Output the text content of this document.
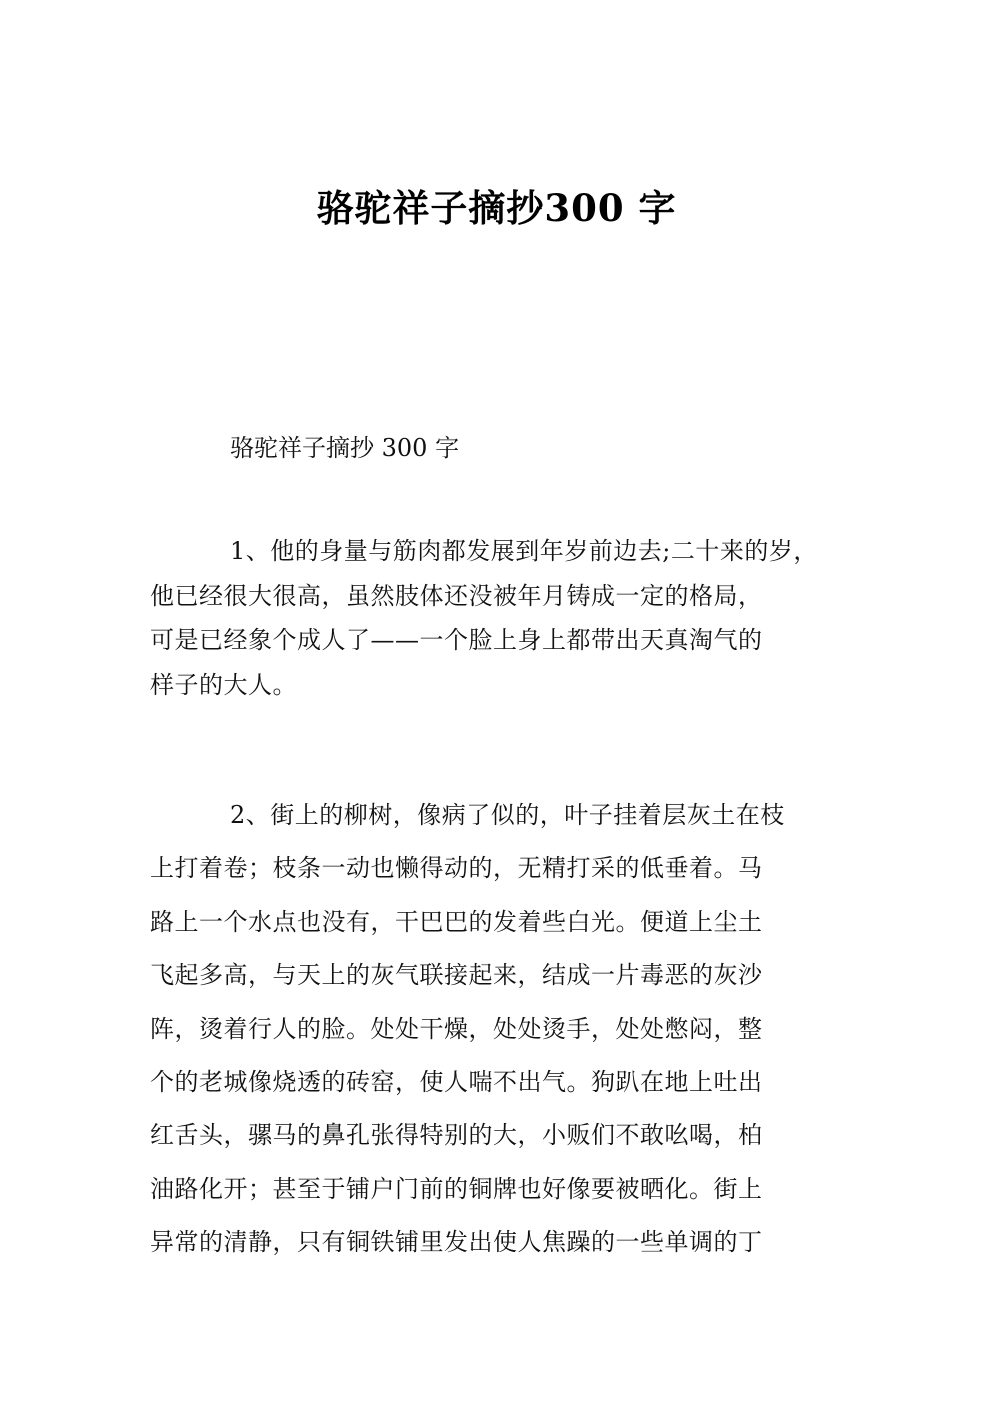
骆驼祥子摘抄300 字

骆驼祥子摘抄 300 字

1、他的身量与筋肉都发展到年岁前边去;二十来的岁，
他已经很大很高，虽然肢体还没被年月铸成一定的格局，
可是已经象个成人了——一个脸上身上都带出天真淘气的
样子的大人。
2、街上的柳树，像病了似的，叶子挂着层灰土在枝
上打着卷；枝条一动也懒得动的，无精打采的低垂着。马
路上一个水点也没有，干巴巴的发着些白光。便道上尘土
飞起多高，与天上的灰气联接起来，结成一片毒恶的灰沙
阵，烫着行人的脸。处处干燥，处处烫手，处处憋闷，整
个的老城像烧透的砖窑，使人喘不出气。狗趴在地上吐出
红舌头，骡马的鼻孔张得特别的大，小贩们不敢吆喝，柏
油路化开；甚至于铺户门前的铜牌也好像要被晒化。街上
异常的清静，只有铜铁铺里发出使人焦躁的一些单调的丁
